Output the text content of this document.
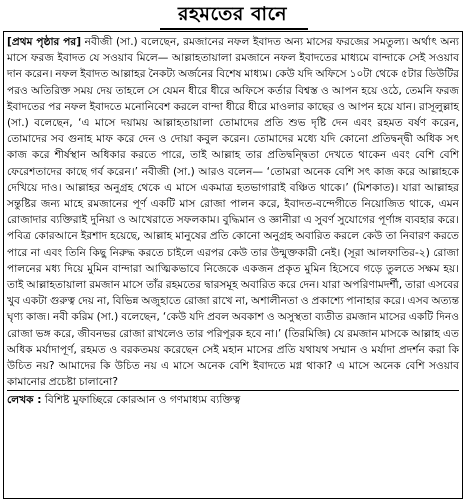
রহমতের বানে

[প্রথম পৃষ্ঠার পর] নবীজী (সা.) বলেছেন, রমজানের নফল ইবাদত অন্য মাসের ফরজের সমতুল্য। অর্থাৎ অন্য মাসে ফরজ ইবাদত যে সওয়াব মিলে— আল্লাহতায়ালা রমজানে নফল ইবাদতের মাধ্যমে বান্দাকে সেই সওয়াব দান করেন। নফল ইবাদত আল্লাহর নৈকট্য অর্জনের বিশেষ মাধ্যম। কেউ যদি অফিসে ১০টা থেকে ৫টার ডিউটির পরও অতিরিক্ত সময় দেয় তাহলে সে যেমন ধীরে ধীরে অফিসে কর্তার বিশ্বস্ত ও আপন হয়ে ওঠে, তেমনি ফরজ ইবাদতের পর নফল ইবাদতে মনোনিবেশ করলে বান্দা ধীরে ধীরে মাওলার কাছের ও আপন হয়ে যান। রাসূলুল্লাহ (সা.) বলেছেন, ‘এ মাসে দয়াময় আল্লাহতায়ালা তোমাদের প্রতি শুভ দৃষ্টি দেন এবং রহমত বর্ষণ করেন, তোমাদের সব গুনাহ মাফ করে দেন ও দোয়া কবুল করেন। তোমাদের মধ্যে যদি কোনো প্রতিদ্বন্দ্বী অধিক সৎ কাজ করে শীর্ষস্থান অধিকার করতে পারে, তাই আল্লাহ তার প্রতিদ্বন্দ্বিতা দেখতে থাকেন এবং বেশি বেশি ফেরেশতাদের কাছে গর্ব করেন।’ নবীজী (সা.) আরও বলেন— ‘তোমরা অনেক বেশি সৎ কাজ করে আল্লাহকে দেখিয়ে দাও। আল্লাহর অনুগ্রহ থেকে এ মাসে একমাত্র হতভাগারাই বঞ্চিত থাকে।’ (মিশকাত)। যারা আল্লাহর সন্তুষ্টির জন্য মাহে রমজানের পূর্ণ একটি মাস রোজা পালন করে, ইবাদত-বন্দেগীতে নিয়োজিত থাকে, এমন রোজাদার ব্যক্তিরাই দুনিয়া ও আখেরাতে সফলকাম। বুদ্ধিমান ও জ্ঞানীরা এ সুবর্ণ সুযোগের পূর্ণাঙ্গ ব্যবহার করে। পবিত্র কোরআনে ইরশাদ হয়েছে, আল্লাহ মানুষের প্রতি কোনো অনুগ্রহ অবারিত করলে কেউ তা নিবারণ করতে পারে না এবং তিনি কিছু নিরুদ্ধ করতে চাইলে এরপর কেউ তার উন্মুক্তকারী নেই। (সূরা আলফাতির-২) রোজা পালনের মধ্য দিয়ে মুমিন বান্দারা আত্মিকভাবে নিজেকে একজন প্রকৃত মুমিন হিসেবে গড়ে তুলতে সক্ষম হয়। তাই আল্লাহতায়ালা রমজান মাসে তাঁর রহমতের দ্বারসমূহ অবারিত করে দেন। যারা অপরিণামদর্শী, তারা এসবের খুব একটা গুরুত্ব দেয় না, বিভিন্ন অজুহাতে রোজা রাখে না, অশালীনতা ও প্রকাশ্যে পানাহার করে। এসব অত্যন্ত ঘৃণ্য কাজ। নবী করিম (সা.) বলেছেন, ‘কেউ যদি প্রবল অবকাশ ও অসুস্থতা ব্যতীত রমজান মাসের একটি দিনও রোজা ভঙ্গ করে, জীবনভর রোজা রাখলেও তার পরিপূরক হবে না।’ (তিরমিজি) যে রমজান মাসকে আল্লাহ এত অধিক মর্যাদাপূর্ণ, রহমত ও বরকতময় করেছেন সেই মহান মাসের প্রতি যথাযথ সম্মান ও মর্যাদা প্রদর্শন করা কি উচিত নয়? আমাদের কি উচিত নয় এ মাসে অনেক বেশি ইবাদতে মগ্ন থাকা? এ মাসে অনেক বেশি সওয়াব কামানোর প্রচেষ্টা চালানো?

লেখক : বিশিষ্ট মুফাচ্ছিরে কোরআন ও গণমাধ্যম ব্যক্তিত্ব
